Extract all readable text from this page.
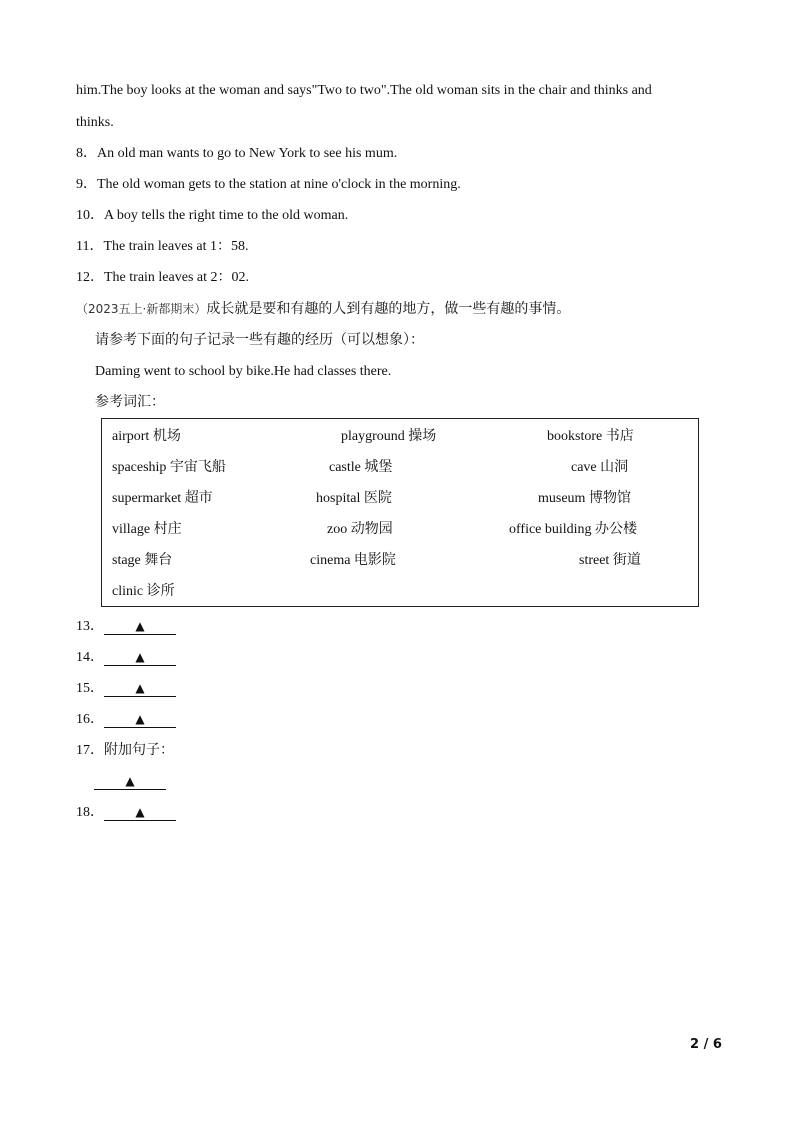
him.The boy looks at the woman and says"Two to two".The old woman sits in the chair and thinks and
thinks.
8．An old man wants to go to New York to see his mum.
9．The old woman gets to the station at nine o'clock in the morning.
10．A boy tells the right time to the old woman.
11．The train leaves at 1：58.
12．The train leaves at 2：02.
（2023五上·新都期末）成长就是要和有趣的人到有趣的地方，做一些有趣的事情。
请参考下面的句子记录一些有趣的经历（可以想象）：
Daming went to school by bike.He had classes there.
参考词汇：
airport 机场	playground 操场	bookstore 书店
spaceship 宇宙飞船	castle 城堡	cave 山洞
supermarket 超市	hospital 医院	museum 博物馆
village 村庄	zoo 动物园	office building 办公楼
stage 舞台	cinema 电影院	street 街道
clinic 诊所
13．	▲
14．	▲
15．	▲
16．	▲
17．附加句子：
▲
18．	▲
2 / 6
